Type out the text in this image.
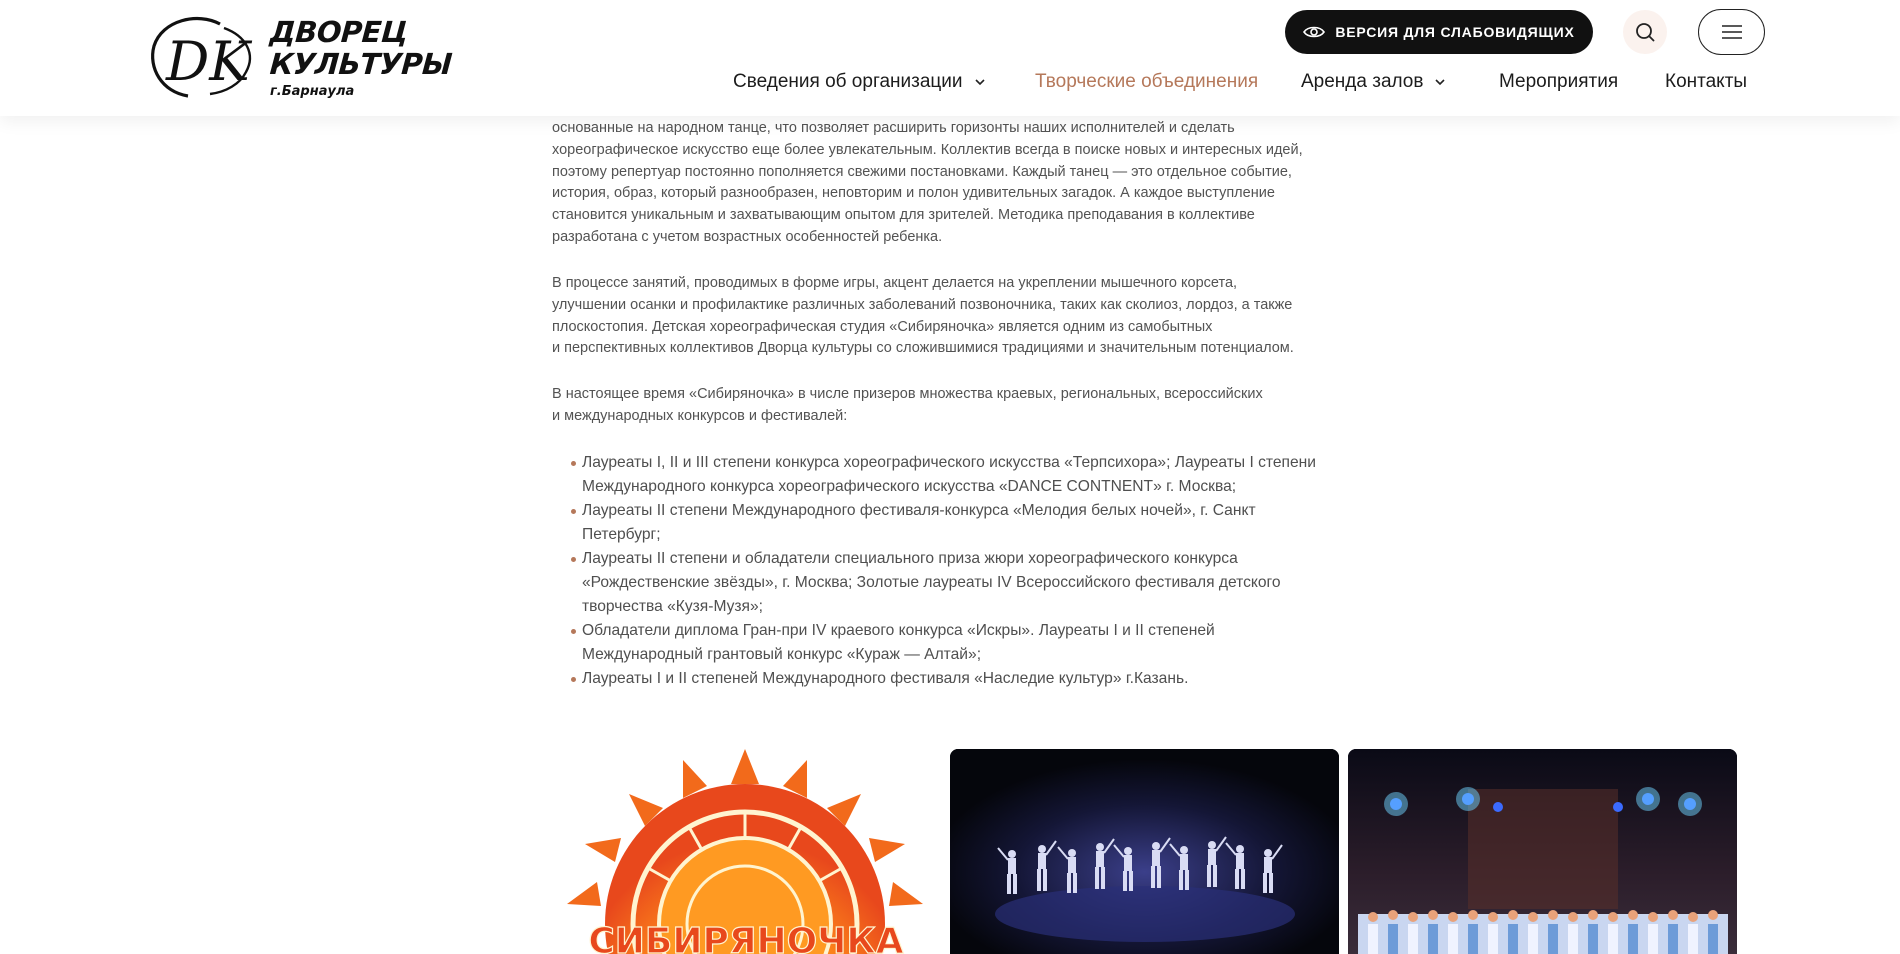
DK ДВОРЕЦ
КУЛЬТУРЫ
г.Барнаула
ВЕРСИЯ ДЛЯ СЛАБОВИДЯЩИХ
Сведения об организации	Творческие объединения Аренда залов	Мероприятия Контакты
основанные на народном танце, что позволяет расширить горизонты наших исполнителей и сделать
хореографическое искусство еще более увлекательным. Коллектив всегда в поиске новых и интересных идей,
поэтому репертуар постоянно пополняется свежими постановками. Каждый танец — это отдельное событие,
история, образ, который разнообразен, неповторим и полон удивительных загадок. А каждое выступление
становится уникальным и захватывающим опытом для зрителей. Методика преподавания в коллективе
разработана с учетом возрастных особенностей ребенка.
В процессе занятий, проводимых в форме игры, акцент делается на укреплении мышечного корсета,
улучшении осанки и профилактике различных заболеваний позвоночника, таких как сколиоз, лордоз, а также
плоскостопия. Детская хореографическая студия «Сибиряночка» является одним из самобытных
и перспективных коллективов Дворца культуры со сложившимися традициями и значительным потенциалом.
В настоящее время «Сибиряночка» в числе призеров множества краевых, региональных, всероссийских
и международных конкурсов и фестивалей:
Лауреаты I, II и III степени конкурса хореографического искусства «Терпсихора»; Лауреаты I степени
Международного конкурса хореографического искусства «DANCE CONTNENT» г. Москва;
Лауреаты II степени Международного фестиваля-конкурса «Мелодия белых ночей», г. Санкт
Петербург;
Лауреаты II степени и обладатели специального приза жюри хореографического конкурса
«Рождественские звёзды», г. Москва; Золотые лауреаты IV Всероссийского фестиваля детского
творчества «Кузя-Музя»;
Обладатели диплома Гран-при IV краевого конкурса «Искры». Лауреаты I и II степеней
Международный грантовый конкурс «Кураж — Алтай»;
Лауреаты I и II степеней Международного фестиваля «Наследие культур» г.Казань.
СИБИРЯНОЧКА
